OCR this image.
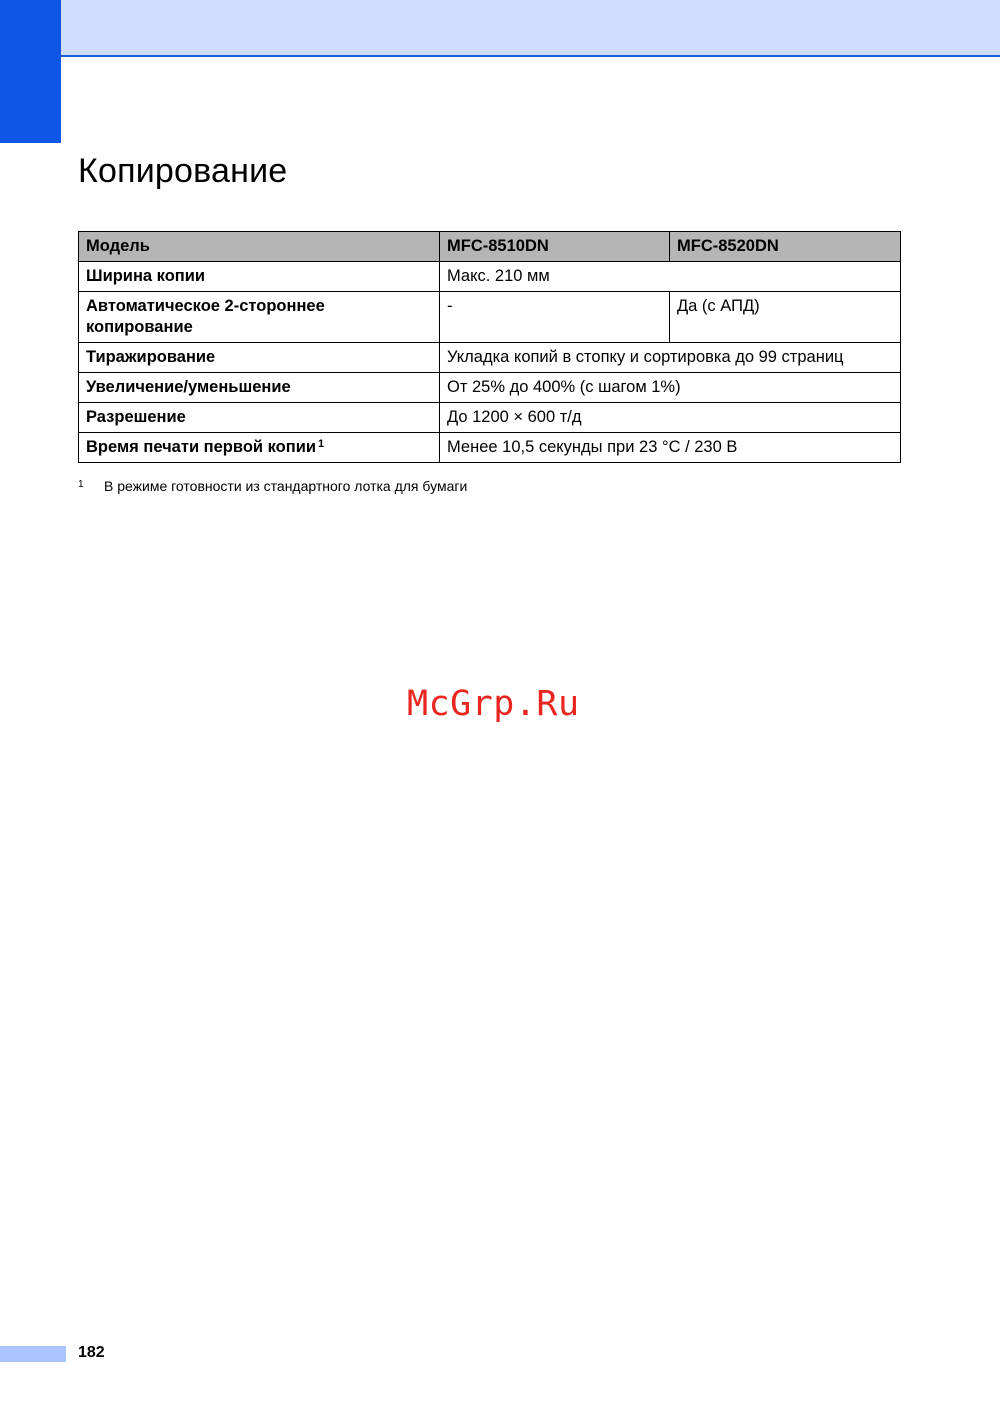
Копирование
Модель	MFC-8510DN	MFC-8520DN
Ширина копии	Макс. 210 мм	
Автоматическое 2-стороннее копирование	-	Да (с АПД)
Тиражирование	Укладка копий в стопку и сортировка до 99 страниц	
Увеличение/уменьшение	От 25% до 400% (с шагом 1%)	
Разрешение	До 1200 × 600 т/д	
Время печати первой копии $^1$	Менее 10,5 секунды при 23 °C / 230 В	
1 В режиме готовности из стандартного лотка для бумаги
McGrp.Ru
182
